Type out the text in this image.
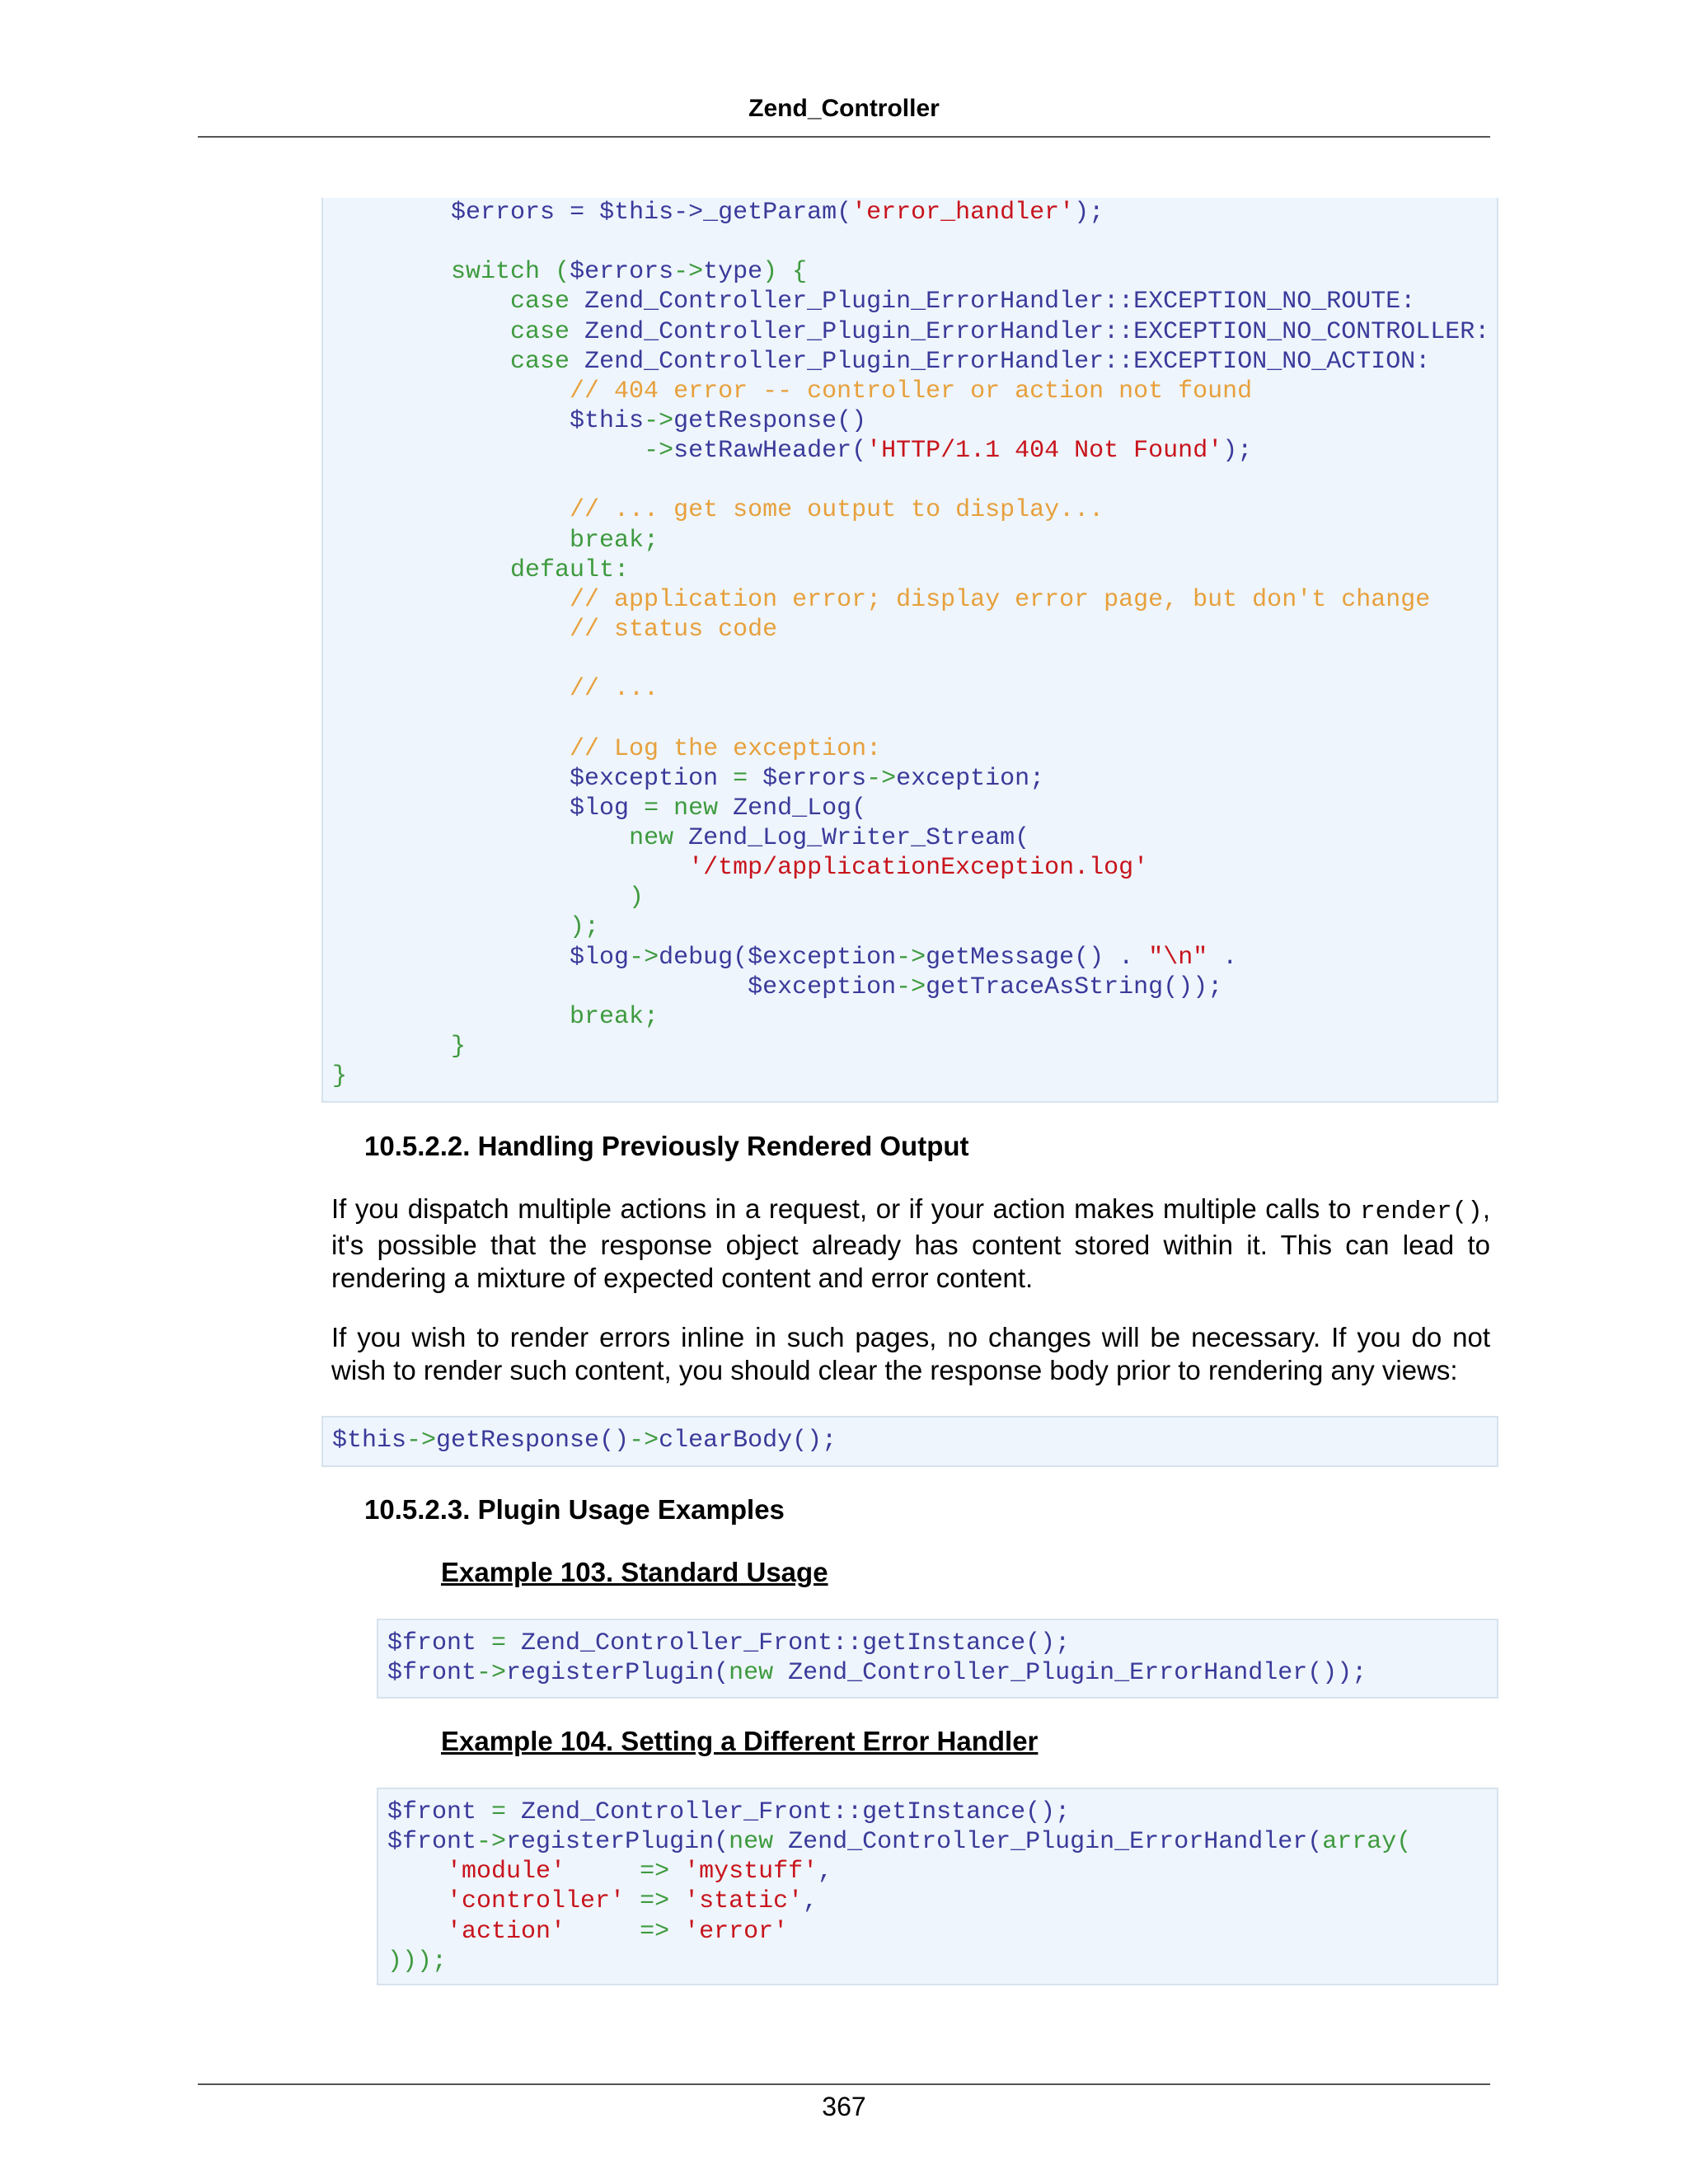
Zend_Controller
$errors = $this->_getParam('error_handler');
switch ($errors->type) {
case Zend_Controller_Plugin_ErrorHandler::EXCEPTION_NO_ROUTE:
case Zend_Controller_Plugin_ErrorHandler::EXCEPTION_NO_CONTROLLER:
case Zend_Controller_Plugin_ErrorHandler::EXCEPTION_NO_ACTION:
// 404 error -- controller or action not found
$this->getResponse()
->setRawHeader('HTTP/1.1 404 Not Found');
// ... get some output to display...
break;
default:
// application error; display error page, but don't change
// status code
// ...
// Log the exception:
$exception = $errors->exception;
$log = new Zend_Log(
new Zend_Log_Writer_Stream(
'/tmp/applicationException.log'
)
);
$log->debug($exception->getMessage() . "\n" .
$exception->getTraceAsString());
break;
}
}
10.5.2.2. Handling Previously Rendered Output

If you dispatch multiple actions in a request, or if your action makes multiple calls to render(), it's possible that the response object already has content stored within it. This can lead to rendering a mixture of expected content and error content.

If you wish to render errors inline in such pages, no changes will be necessary. If you do not wish to render such content, you should clear the response body prior to rendering any views:

$this->getResponse()->clearBody();
10.5.2.3. Plugin Usage Examples
Example 103. Standard Usage
$front = Zend_Controller_Front::getInstance();
$front->registerPlugin(new Zend_Controller_Plugin_ErrorHandler());
Example 104. Setting a Different Error Handler
$front = Zend_Controller_Front::getInstance();
$front->registerPlugin(new Zend_Controller_Plugin_ErrorHandler(array(
'module'	=> 'mystuff',
'controller' => 'static',
'action'	=> 'error'
)));
367
